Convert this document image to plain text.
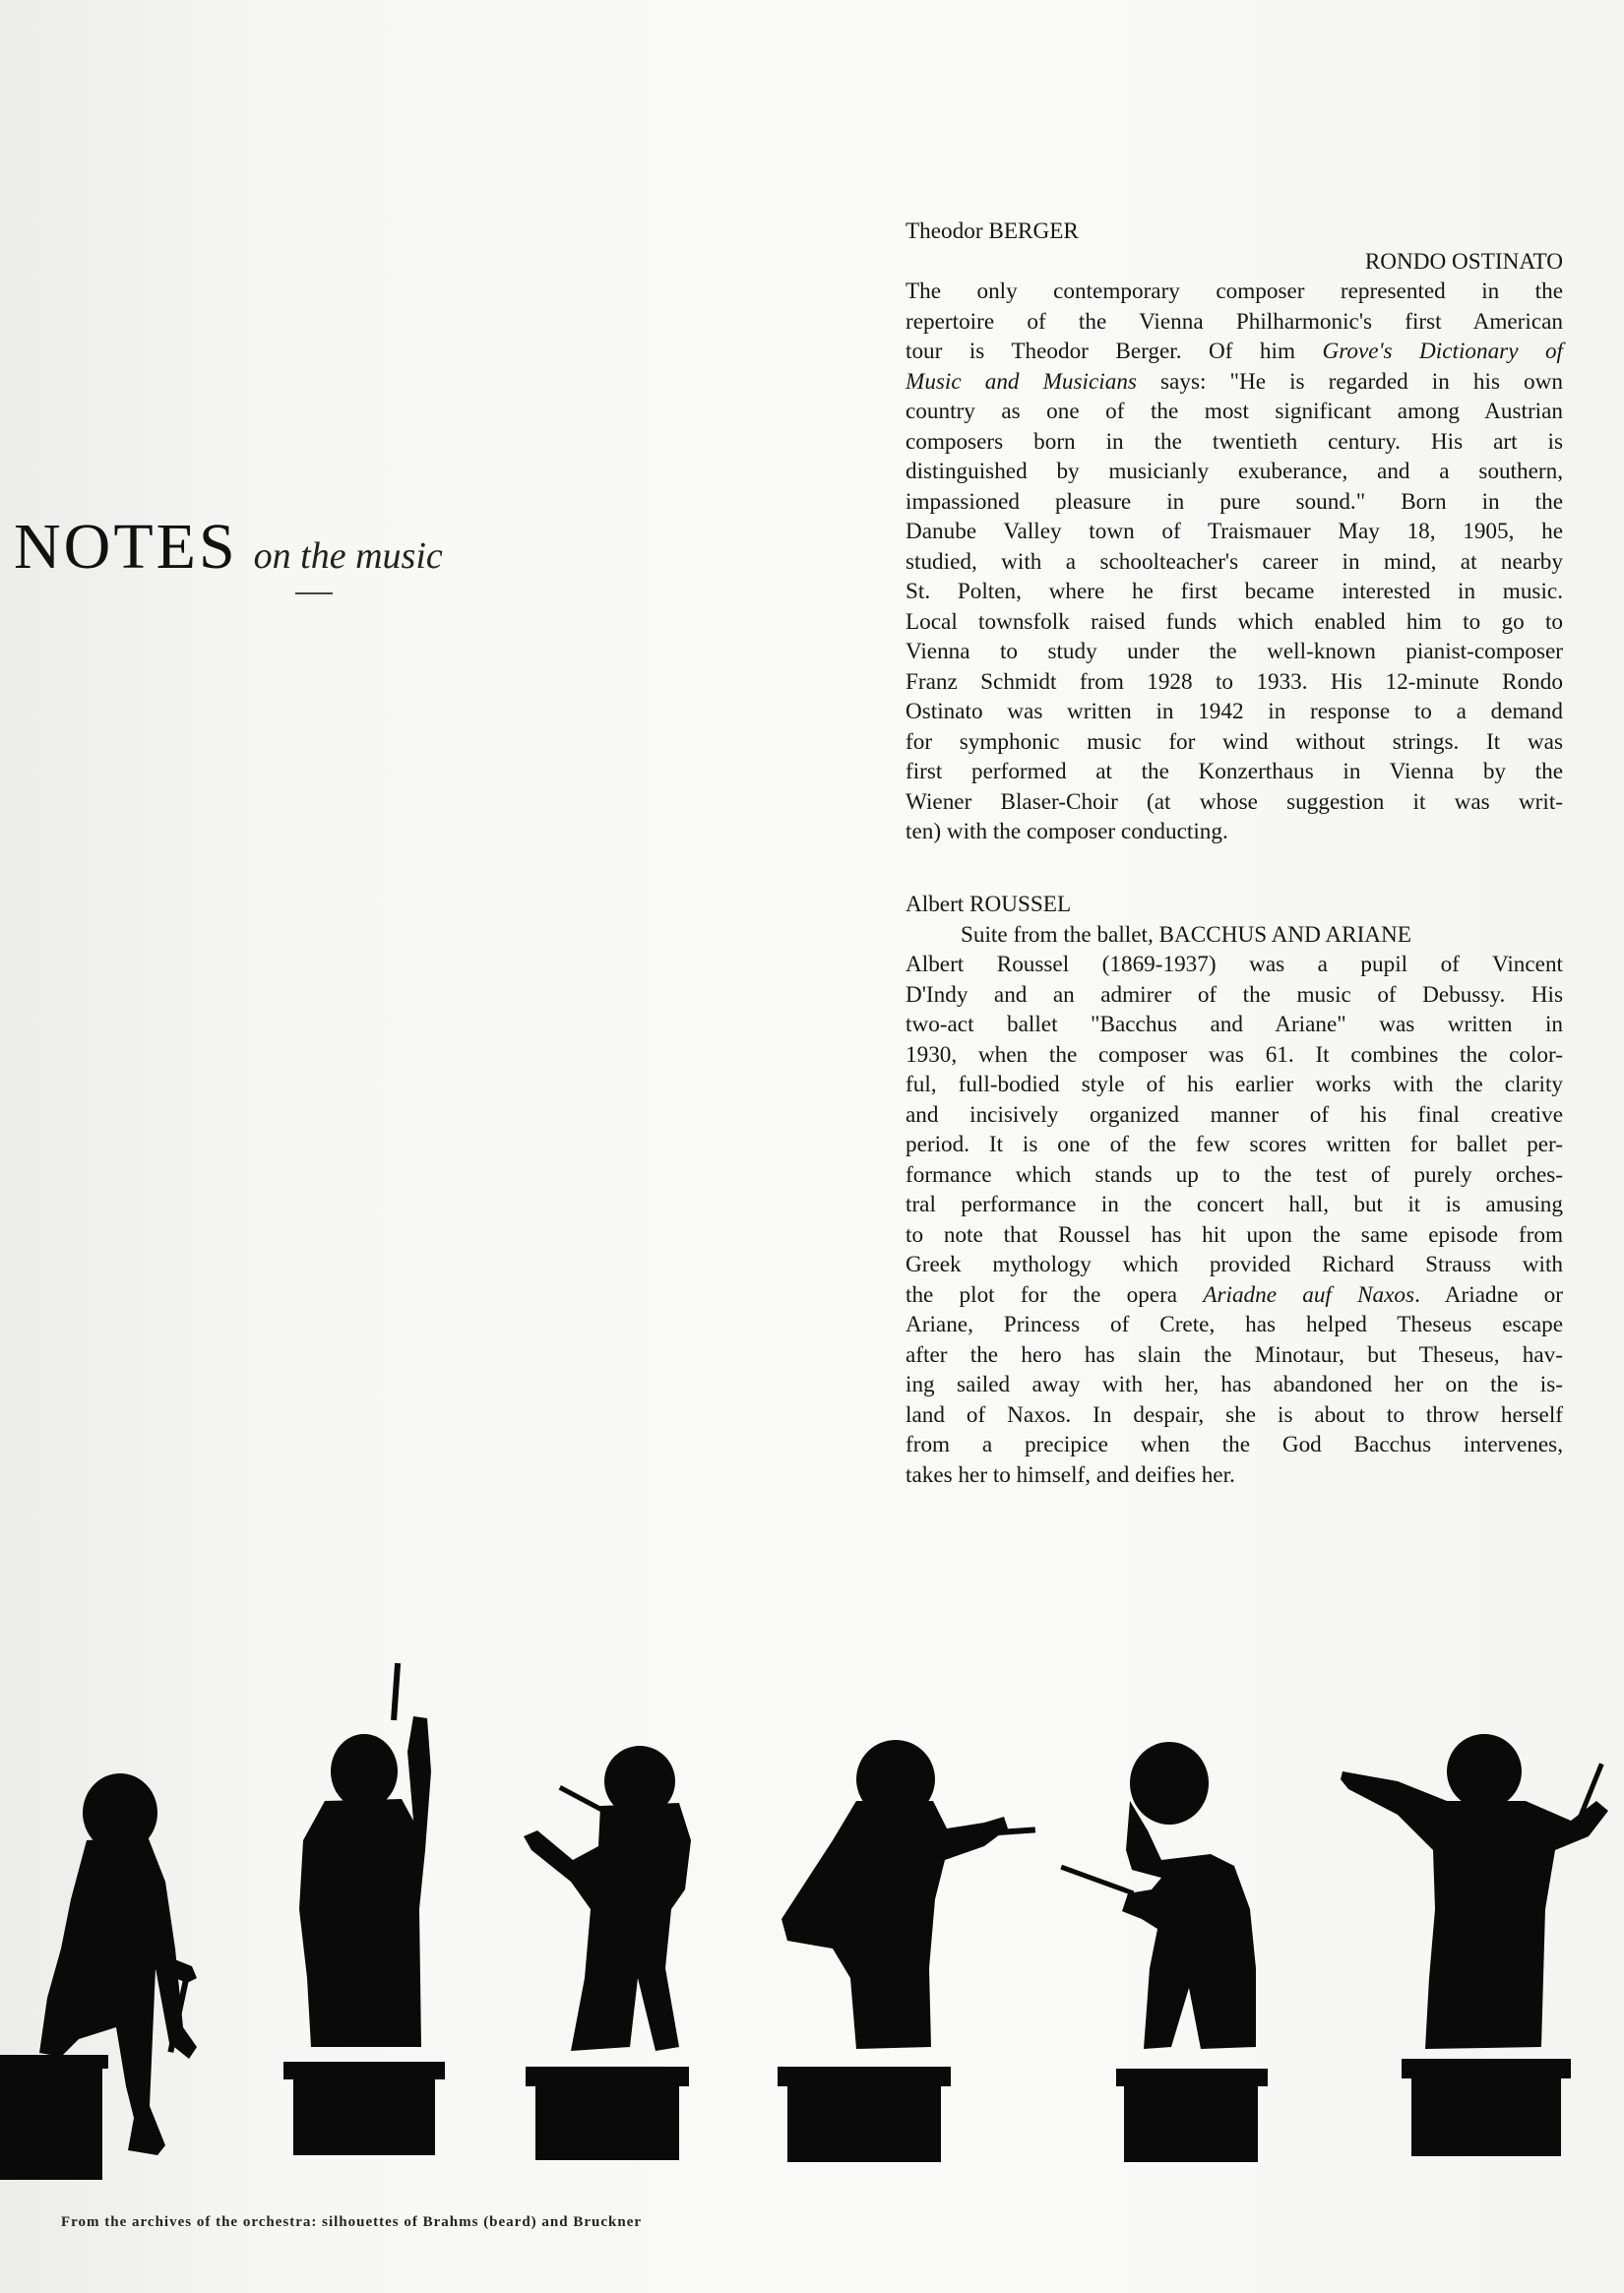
NOTES on the music
Theodor BERGER
RONDO OSTINATO

The only contemporary composer represented in the

repertoire of the Vienna Philharmonic's first American

tour is Theodor Berger. Of him Grove's Dictionary of

Music and Musicians says: "He is regarded in his own

country as one of the most significant among Austrian

composers born in the twentieth century. His art is

distinguished by musicianly exuberance, and a southern,

impassioned pleasure in pure sound." Born in the

Danube Valley town of Traismauer May 18, 1905, he

studied, with a schoolteacher's career in mind, at nearby

St. Polten, where he first became interested in music.

Local townsfolk raised funds which enabled him to go to

Vienna to study under the well-known pianist-composer

Franz Schmidt from 1928 to 1933. His 12-minute Rondo

Ostinato was written in 1942 in response to a demand

for symphonic music for wind without strings. It was

first performed at the Konzerthaus in Vienna by the

Wiener Blaser-Choir (at whose suggestion it was writ-

ten) with the composer conducting.

Albert ROUSSEL
Suite from the ballet, BACCHUS AND ARIANE

Albert Roussel (1869-1937) was a pupil of Vincent

D'Indy and an admirer of the music of Debussy. His

two-act ballet "Bacchus and Ariane" was written in

1930, when the composer was 61. It combines the color-

ful, full-bodied style of his earlier works with the clarity

and incisively organized manner of his final creative

period. It is one of the few scores written for ballet per-

formance which stands up to the test of purely orches-

tral performance in the concert hall, but it is amusing

to note that Roussel has hit upon the same episode from

Greek mythology which provided Richard Strauss with

the plot for the opera Ariadne auf Naxos. Ariadne or

Ariane, Princess of Crete, has helped Theseus escape

after the hero has slain the Minotaur, but Theseus, hav-

ing sailed away with her, has abandoned her on the is-

land of Naxos. In despair, she is about to throw herself

from a precipice when the God Bacchus intervenes,

takes her to himself, and deifies her.

From the archives of the orchestra: silhouettes of Brahms (beard) and Bruckner
